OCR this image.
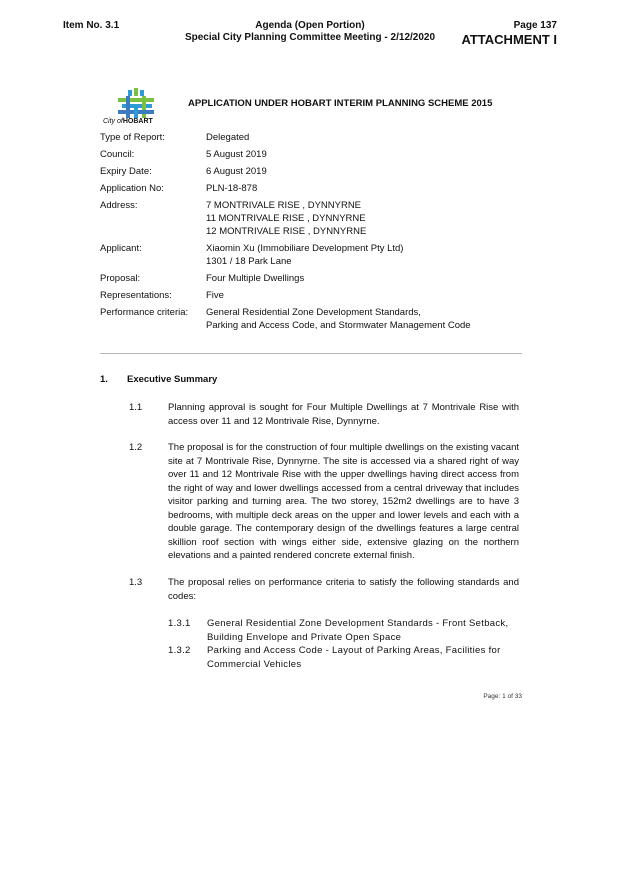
Item No. 3.1	Agenda (Open Portion)
Special City Planning Committee Meeting - 2/12/2020
Page 137
ATTACHMENT I
City ofHOBART
APPLICATION UNDER HOBART INTERIM PLANNING SCHEME 2015
Type of Report:	Delegated
Council:	5 August 2019
Expiry Date:	6 August 2019
Application No:	PLN-18-878
Address:	7 MONTRIVALE RISE , DYNNYRNE
11 MONTRIVALE RISE , DYNNYRNE
12 MONTRIVALE RISE , DYNNYRNE
Applicant:	Xiaomin Xu (Immobiliare Development Pty Ltd)
1301 / 18 Park Lane
Proposal:	Four Multiple Dwellings
Representations:	Five
Performance criteria:	General Residential Zone Development Standards,
Parking and Access Code, and Stormwater Management Code
1. Executive Summary
1.1	Planning approval is sought for Four Multiple Dwellings at 7 Montrivale Rise with access over 11 and 12 Montrivale Rise, Dynnyrne.
1.2	The proposal is for the construction of four multiple dwellings on the existing vacant site at 7 Montrivale Rise, Dynnyrne. The site is accessed via a shared right of way over 11 and 12 Montrivale Rise with the upper dwellings having direct access from the right of way and lower dwellings accessed from a central driveway that includes visitor parking and turning area. The two storey, 152m2 dwellings are to have 3 bedrooms, with multiple deck areas on the upper and lower levels and each with a double garage. The contemporary design of the dwellings features a large central skillion roof section with wings either side, extensive glazing on the northern elevations and a painted rendered concrete external finish.
1.3	The proposal relies on performance criteria to satisfy the following standards and codes:
1.3.1 General Residential Zone Development Standards - Front Setback, Building Envelope and Private Open Space
1.3.2 Parking and Access Code - Layout of Parking Areas, Facilities for Commercial Vehicles
Page: 1 of 33
